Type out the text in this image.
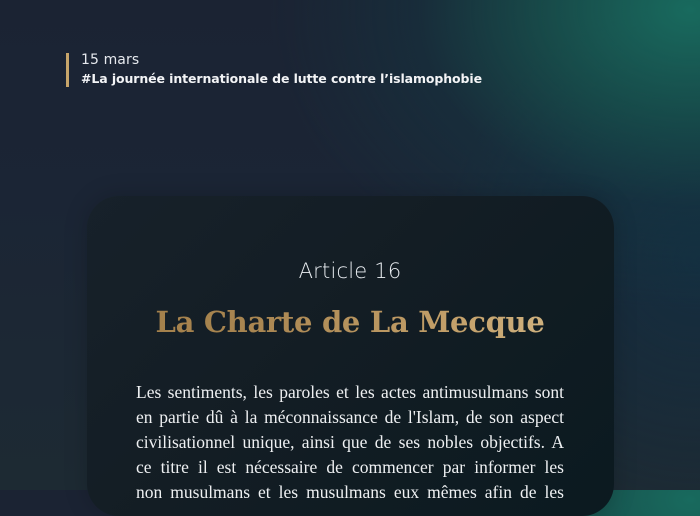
15 mars
#La journée internationale de lutte contre l’islamophobie
Article 16
La Charte de La Mecque
Les sentiments, les paroles et les actes antimusulmans sont
en partie dû à la méconnaissance de l'Islam, de son aspect
civilisationnel unique, ainsi que de ses nobles objectifs. A
ce titre il est nécessaire de commencer par informer les
non musulmans et les musulmans eux mêmes afin de les
